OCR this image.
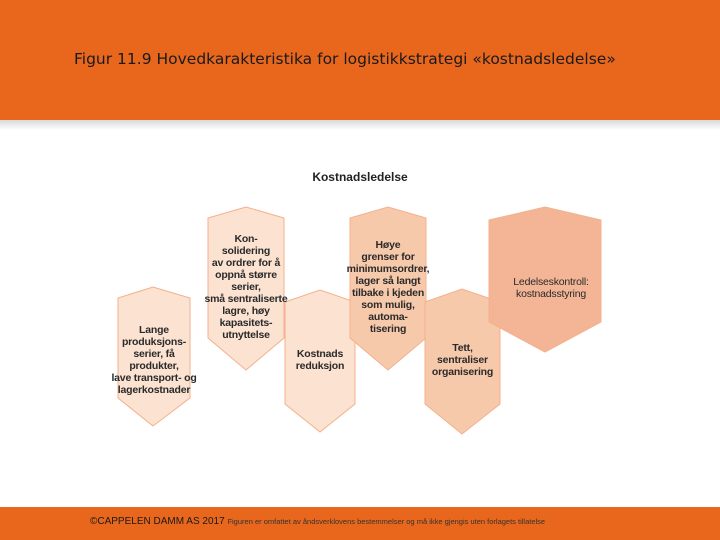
Figur 11.9 Hovedkarakteristika for logistikkstrategi «kostnadsledelse»
Kostnadsledelse
Lange
produksjons-
serier, få produkter,
lave transport- og
lagerkostnader
Kon-
solidering
av ordrer for å
oppnå større serier,
små sentraliserte
lagre, høy
kapasitets-
utnyttelse
Kostnads
reduksjon
Høye
grenser for
minimumsordrer,
lager så langt
tilbake i kjeden
som mulig,
automa-
tisering
Tett,
sentraliser
organisering
Ledelseskontroll:
kostnadsstyring
©CAPPELEN DAMM AS 2017 Figuren er omfattet av åndsverklovens bestemmelser og må ikke gjengis uten forlagets tillatelse
